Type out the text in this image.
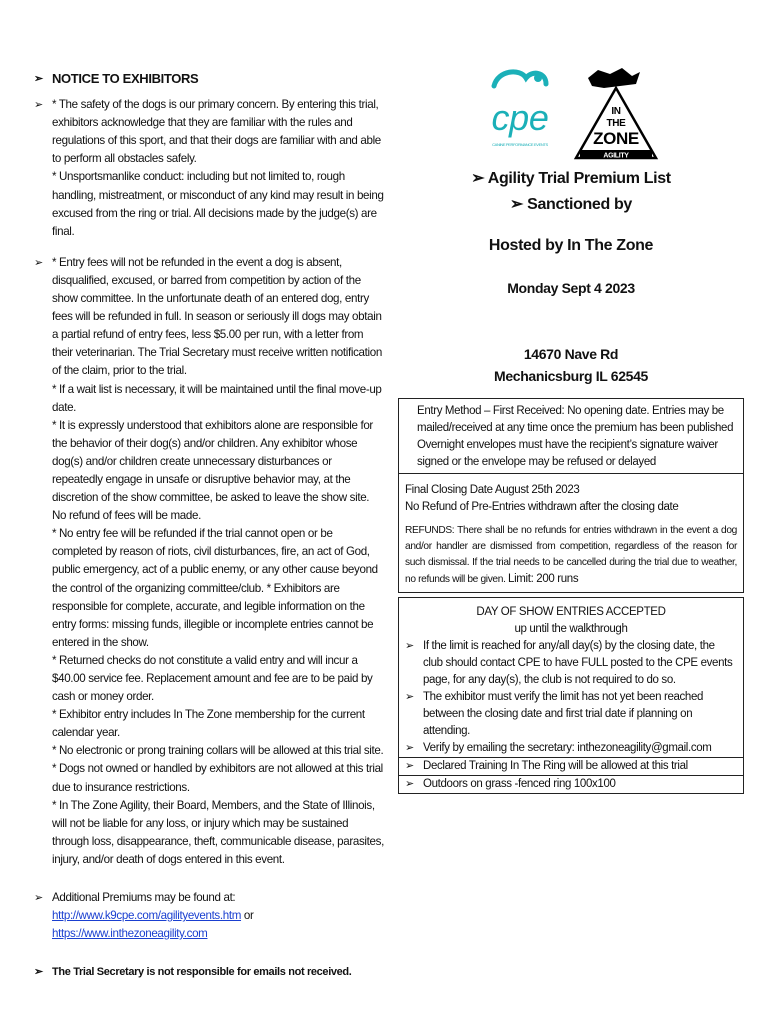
➢ NOTICE TO EXHIBITORS
➢ * The safety of the dogs is our primary concern. By entering this trial, exhibitors acknowledge that they are familiar with the rules and regulations of this sport, and that their dogs are familiar with and able to perform all obstacles safely.
* Unsportsmanlike conduct: including but not limited to, rough handling, mistreatment, or misconduct of any kind may result in being excused from the ring or trial. All decisions made by the judge(s) are final.
➢ * Entry fees will not be refunded in the event a dog is absent, disqualified, excused, or barred from competition by action of the show committee. In the unfortunate death of an entered dog, entry fees will be refunded in full. In season or seriously ill dogs may obtain a partial refund of entry fees, less $5.00 per run, with a letter from their veterinarian. The Trial Secretary must receive written notification of the claim, prior to the trial.
* If a wait list is necessary, it will be maintained until the final move-up date.
* It is expressly understood that exhibitors alone are responsible for the behavior of their dog(s) and/or children. Any exhibitor whose dog(s) and/or children create unnecessary disturbances or repeatedly engage in unsafe or disruptive behavior may, at the discretion of the show committee, be asked to leave the show site. No refund of fees will be made.
* No entry fee will be refunded if the trial cannot open or be completed by reason of riots, civil disturbances, fire, an act of God, public emergency, act of a public enemy, or any other cause beyond the control of the organizing committee/club. * Exhibitors are responsible for complete, accurate, and legible information on the entry forms: missing funds, illegible or incomplete entries cannot be entered in the show.
* Returned checks do not constitute a valid entry and will incur a $40.00 service fee. Replacement amount and fee are to be paid by cash or money order.
* Exhibitor entry includes In The Zone membership for the current calendar year.
* No electronic or prong training collars will be allowed at this trial site.
* Dogs not owned or handled by exhibitors are not allowed at this trial due to insurance restrictions.
* In The Zone Agility, their Board, Members, and the State of Illinois, will not be liable for any loss, or injury which may be sustained through loss, disappearance, theft, communicable disease, parasites, injury, and/or death of dogs entered in this event.
➢ Additional Premiums may be found at:
http://www.k9cpe.com/agilityevents.htm or
https://www.inthezoneagility.com
➢ The Trial Secretary is not responsible for emails not received.
cpe
CANINE PERFORMANCE EVENTS
IN
THE
ZONE
AGILITY
➢ Agility Trial Premium List
➢ Sanctioned by
Hosted by In The Zone
Monday Sept 4 2023
14670 Nave Rd
Mechanicsburg IL 62545
Entry Method – First Received: No opening date. Entries may be mailed/received at any time once the premium has been published
Overnight envelopes must have the recipient’s signature waiver signed or the envelope may be refused or delayed
Final Closing Date August 25th 2023
No Refund of Pre-Entries withdrawn after the closing date
REFUNDS: There shall be no refunds for entries withdrawn in the event a dog and/or handler are dismissed from competition, regardless of the reason for such dismissal. If the trial needs to be cancelled during the trial due to weather, no refunds will be given. Limit: 200 runs
DAY OF SHOW ENTRIES ACCEPTED
up until the walkthrough
➢ If the limit is reached for any/all day(s) by the closing date, the club should contact CPE to have FULL posted to the CPE events page, for any day(s), the club is not required to do so.
➢ The exhibitor must verify the limit has not yet been reached between the closing date and first trial date if planning on attending.
➢ Verify by emailing the secretary: inthezoneagility@gmail.com
➢ Declared Training In The Ring will be allowed at this trial
➢ Outdoors on grass -fenced ring 100x100
